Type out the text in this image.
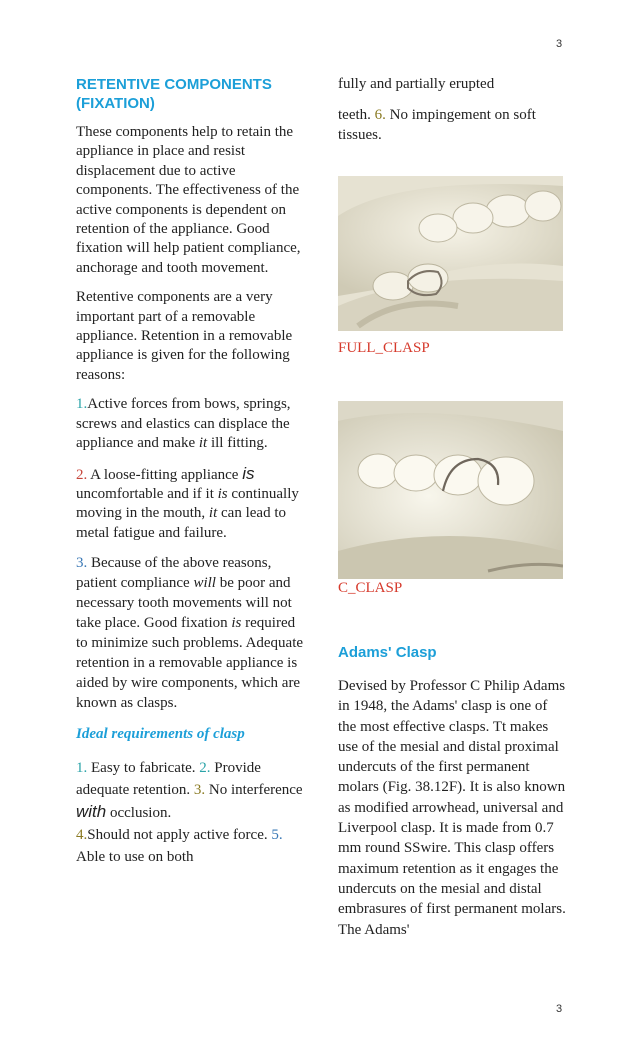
3
RETENTIVE COMPONENTS
(FIXATION)

These components help to retain the appliance in place and resist displacement due to active components. The effectiveness of the active components is dependent on retention of the appliance. Good fixation will help patient compliance, anchorage and tooth movement.

Retentive components are a very important part of a removable appliance. Retention in a removable appliance is given for the following reasons:

1.Active forces from bows, springs, screws and elastics can displace the appliance and make it ill fitting.

2. A loose-fitting appliance is uncomfortable and if it is continually moving in the mouth, it can lead to metal fatigue and failure.

3. Because of the above reasons, patient compliance will be poor and necessary tooth movements will not take place. Good fixation is required to minimize such problems. Adequate retention in a removable appliance is aided by wire components, which are known as clasps.

Ideal requirements of clasp

1. Easy to fabricate. 2. Provide adequate retention. 3. No interference with occlusion.
4.Should not apply active force. 5. Able to use on both

fully and partially erupted

teeth. 6. No impingement on soft tissues.

FULL_CLASP
C_CLASP
Adams' Clasp

Devised by Professor C Philip Adams in 1948, the Adams' clasp is one of the most effective clasps. Tt makes use of the mesial and distal proximal undercuts of the first permanent molars (Fig. 38.12F). It is also known as modified arrowhead, universal and Liverpool clasp. It is made from 0.7 mm round SSwire. This clasp offers maximum retention as it engages the undercuts on the mesial and distal embrasures of first permanent molars. The Adams'

3
